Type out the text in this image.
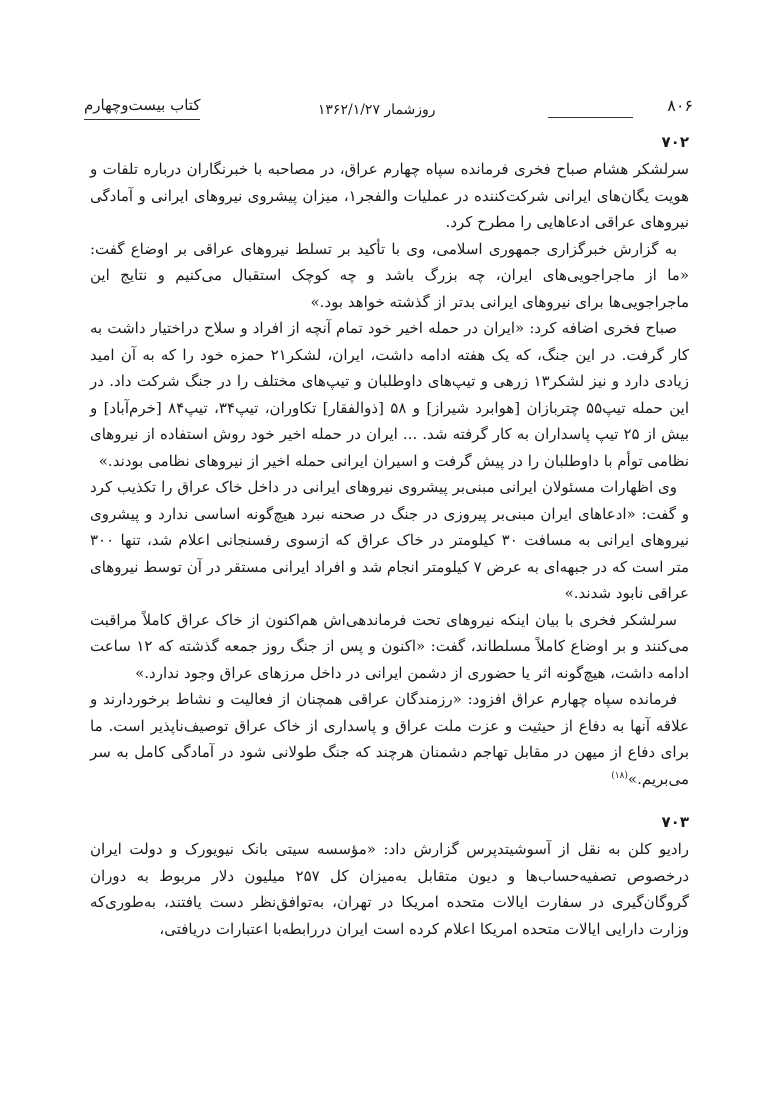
۸۰۶
روزشمار ۱۳۶۲/۱/۲۷
کتاب بیست‌وچهارم
۷۰۲

سرلشکر هشام صباح فخری فرمانده سپاه چهارم عراق، در مصاحبه با خبرنگاران درباره تلفات و هویت یگان‌های ایرانی شرکت‌کننده در عملیات والفجر۱، میزان پیشروی نیروهای ایرانی و آمادگی نیروهای عراقی ادعاهایی را مطرح کرد.

به گزارش خبرگزاری جمهوری اسلامی، وی با تأکید بر تسلط نیروهای عراقی بر اوضاع گفت: «ما از ماجراجویی‌های ایران، چه بزرگ باشد و چه کوچک استقبال می‌کنیم و نتایج این ماجراجویی‌ها برای نیروهای ایرانی بدتر از گذشته خواهد بود.»

صباح فخری اضافه کرد: «ایران در حمله اخیر خود تمام آنچه از افراد و سلاح دراختیار داشت به کار گرفت. در این جنگ، که یک هفته ادامه داشت، ایران، لشکر۲۱ حمزه خود را که به آن امید زیادی دارد و نیز لشکر۱۳ زرهی و تیپ‌های داوطلبان و تیپ‌های مختلف را در جنگ شرکت داد. در این حمله تیپ۵۵ چتربازان [هوابرد شیراز] و ۵۸ [ذوالفقار] تکاوران، تیپ۳۴، تیپ۸۴ [خرم‌آباد] و بیش از ۲۵ تیپ پاسداران به کار گرفته شد. ... ایران در حمله اخیر خود روش استفاده از نیروهای نظامی توأم با داوطلبان را در پیش گرفت و اسیران ایرانی حمله اخیر از نیروهای نظامی بودند.»

وی اظهارات مسئولان ایرانی مبنی‌بر پیشروی نیروهای ایرانی در داخل خاک عراق را تکذیب کرد و گفت: «ادعاهای ایران مبنی‌بر پیروزی در جنگ در صحنه نبرد هیچ‌گونه اساسی ندارد و پیشروی نیروهای ایرانی به مسافت ۳۰ کیلومتر در خاک عراق که ازسوی رفسنجانی اعلام شد، تنها ۳۰۰ متر است که در جبهه‌ای به عرض ۷ کیلومتر انجام شد و افراد ایرانی مستقر در آن توسط نیروهای عراقی نابود شدند.»

سرلشکر فخری با بیان اینکه نیروهای تحت فرماندهی‌اش هم‌اکنون از خاک عراق کاملاً مراقبت می‌کنند و بر اوضاع کاملاً مسلطاند، گفت: «اکنون و پس از جنگ روز جمعه گذشته که ۱۲ ساعت ادامه داشت، هیچ‌گونه اثر یا حضوری از دشمن ایرانی در داخل مرزهای عراق وجود ندارد.»

فرمانده سپاه چهارم عراق افزود: «رزمندگان عراقی همچنان از فعالیت و نشاط برخوردارند و علاقه آنها به دفاع از حیثیت و عزت ملت عراق و پاسداری از خاک عراق توصیف‌ناپذیر است. ما برای دفاع از میهن در مقابل تهاجم دشمنان هرچند که جنگ طولانی شود در آمادگی کامل به سر می‌بریم.»$^{(۱۸)}$

۷۰۳

رادیو کلن به نقل از آسوشیتدپرس گزارش داد: «مؤسسه سیتی بانک نیویورک و دولت ایران درخصوص تصفیه‌حساب‌ها و دیون متقابل به‌میزان کل ۲۵۷ میلیون دلار مربوط به دوران گروگان‌گیری در سفارت ایالات متحده امریکا در تهران، به‌توافق‌نظر دست یافتند، به‌طوری‌که وزارت دارایی ایالات متحده امریکا اعلام کرده است ایران دررابطه‌با اعتبارات دریافتی،
